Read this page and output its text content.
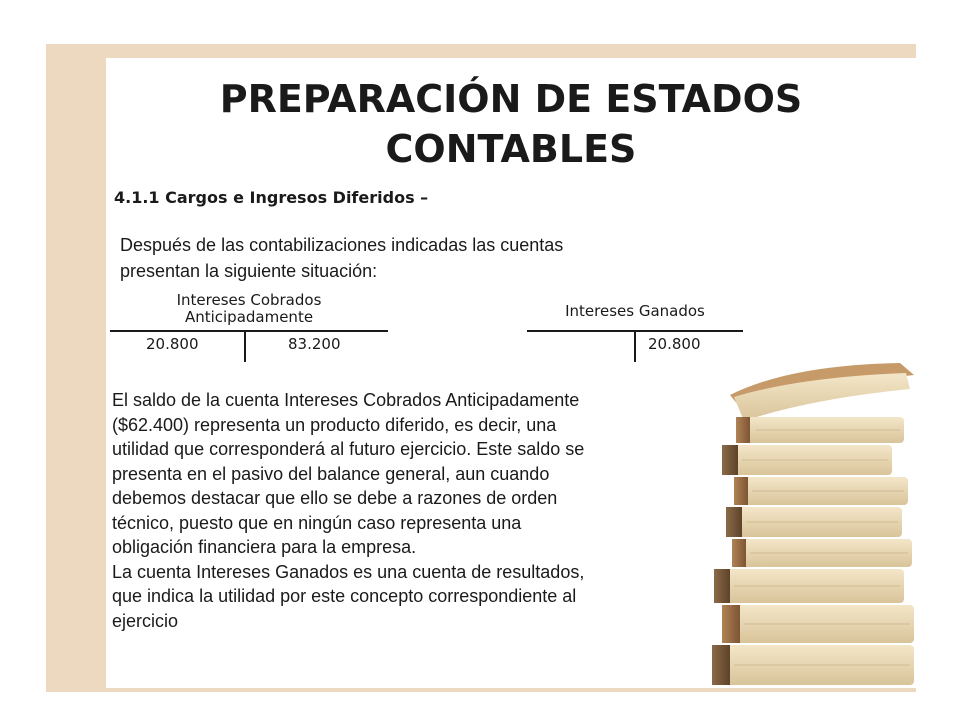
PREPARACIÓN DE ESTADOS
CONTABLES
4.1.1 Cargos e Ingresos Diferidos –
Después de las contabilizaciones indicadas las cuentas
presentan la siguiente situación:
Intereses Cobrados
Anticipadamente
20.800	83.200
Intereses Ganados
20.800
El saldo de la cuenta Intereses Cobrados Anticipadamente
($62.400) representa un producto diferido, es decir, una
utilidad que corresponderá al futuro ejercicio. Este saldo se
presenta en el pasivo del balance general, aun cuando
debemos destacar que ello se debe a razones de orden
técnico, puesto que en ningún caso representa una
obligación financiera para la empresa.
La cuenta Intereses Ganados es una cuenta de resultados,
que indica la utilidad por este concepto correspondiente al
ejercicio
